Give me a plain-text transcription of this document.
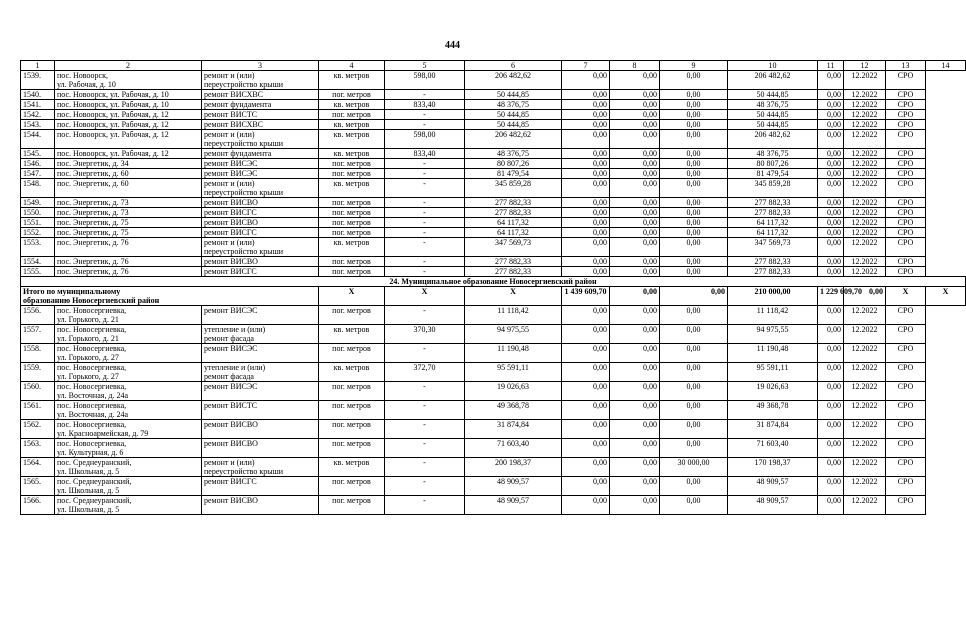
444
1	2	3	4	5	6	7	8	9	10	11	12	13	14
1539.	пос. Новоорск,
ул. Рабочая, д. 10	ремонт и (или)
переустройство крыши	кв. метров	598,00	206 482,62	0,00	0,00	0,00	206 482,62	0,00	12.2022	СРО	
1540.	пос. Новоорск, ул. Рабочая, д. 10	ремонт ВИСХВС	пог. метров	-	50 444,85	0,00	0,00	0,00	50 444,85	0,00	12.2022	СРО	
1541.	пос. Новоорск, ул. Рабочая, д. 10	ремонт фундамента	кв. метров	833,40	48 376,75	0,00	0,00	0,00	48 376,75	0,00	12.2022	СРО	
1542.	пос. Новоорск, ул. Рабочая, д. 12	ремонт ВИСТС	пог. метров	-	50 444,85	0,00	0,00	0,00	50 444,85	0,00	12.2022	СРО	
1543.	пос. Новоорск, ул. Рабочая, д. 12	ремонт ВИСХВС	кв. метров	-	50 444,85	0,00	0,00	0,00	50 444,85	0,00	12.2022	СРО	
1544.	пос. Новоорск, ул. Рабочая, д. 12	ремонт и (или)
переустройство крыши	кв. метров	598,00	206 482,62	0,00	0,00	0,00	206 482,62	0,00	12.2022	СРО	
1545.	пос. Новоорск, ул. Рабочая, д. 12	ремонт фундамента	кв. метров	833,40	48 376,75	0,00	0,00	0,00	48 376,75	0,00	12.2022	СРО	
1546.	пос. Энергетик, д. 34	ремонт ВИСЭС	пог. метров	-	80 807,26	0,00	0,00	0,00	80 807,26	0,00	12.2022	СРО	
1547.	пос. Энергетик, д. 60	ремонт ВИСЭС	пог. метров	-	81 479,54	0,00	0,00	0,00	81 479,54	0,00	12.2022	СРО	
1548.	пос. Энергетик, д. 60	ремонт и (или)
переустройство крыши	кв. метров	-	345 859,28	0,00	0,00	0,00	345 859,28	0,00	12.2022	СРО	
1549.	пос. Энергетик, д. 73	ремонт ВИСВО	пог. метров	-	277 882,33	0,00	0,00	0,00	277 882,33	0,00	12.2022	СРО	
1550.	пос. Энергетик, д. 73	ремонт ВИСГС	пог. метров	-	277 882,33	0,00	0,00	0,00	277 882,33	0,00	12.2022	СРО	
1551.	пос. Энергетик, д. 75	ремонт ВИСВО	пог. метров	-	64 117,32	0,00	0,00	0,00	64 117,32	0,00	12.2022	СРО	
1552.	пос. Энергетик, д. 75	ремонт ВИСГС	пог. метров	-	64 117,32	0,00	0,00	0,00	64 117,32	0,00	12.2022	СРО	
1553.	пос. Энергетик, д. 76	ремонт и (или)
переустройство крыши	кв. метров	-	347 569,73	0,00	0,00	0,00	347 569,73	0,00	12.2022	СРО	
1554.	пос. Энергетик, д. 76	ремонт ВИСВО	пог. метров	-	277 882,33	0,00	0,00	0,00	277 882,33	0,00	12.2022	СРО	
1555.	пос. Энергетик, д. 76	ремонт ВИСГС	пог. метров	-	277 882,33	0,00	0,00	0,00	277 882,33	0,00	12.2022	СРО	
24. Муниципальное образование Новосергиевский район													

Итого по муниципальному
образованию Новосергиевский район			X	X	X	1 439 609,70	0,00	0,00	210 000,00	1 229 609,70	0,00	X	X
1556.	пос. Новосергиевка,
ул. Горького, д. 21	ремонт ВИСЭС	пог. метров	-	11 118,42	0,00	0,00	0,00	11 118,42	0,00	12.2022	СРО	
1557.	пос. Новосергиевка,
ул. Горького, д. 21	утепление и (или)
ремонт фасада	кв. метров	370,30	94 975,55	0,00	0,00	0,00	94 975,55	0,00	12.2022	СРО	
1558.	пос. Новосергиевка,
ул. Горького, д. 27	ремонт ВИСЭС	пог. метров	-	11 190,48	0,00	0,00	0,00	11 190,48	0,00	12.2022	СРО	
1559.	пос. Новосергиевка,
ул. Горького, д. 27	утепление и (или)
ремонт фасада	кв. метров	372,70	95 591,11	0,00	0,00	0,00	95 591,11	0,00	12.2022	СРО	
1560.	пос. Новосергиевка,
ул. Восточная, д. 24а	ремонт ВИСЭС	пог. метров	-	19 026,63	0,00	0,00	0,00	19 026,63	0,00	12.2022	СРО	
1561.	пос. Новосергиевка,
ул. Восточная, д. 24а	ремонт ВИСТС	пог. метров	-	49 368,78	0,00	0,00	0,00	49 368,78	0,00	12.2022	СРО	
1562.	пос. Новосергиевка,
ул. Красноармейская, д. 79	ремонт ВИСВО	пог. метров	-	31 874,84	0,00	0,00	0,00	31 874,84	0,00	12.2022	СРО	
1563.	пос. Новосергиевка,
ул. Культурная, д. 6	ремонт ВИСВО	пог. метров	-	71 603,40	0,00	0,00	0,00	71 603,40	0,00	12.2022	СРО	
1564.	пос. Среднеуранский,
ул. Школьная, д. 5	ремонт и (или)
переустройство крыши	кв. метров	-	200 198,37	0,00	0,00	30 000,00	170 198,37	0,00	12.2022	СРО	
1565.	пос. Среднеуранский,
ул. Школьная, д. 5	ремонт ВИСГС	пог. метров	-	48 909,57	0,00	0,00	0,00	48 909,57	0,00	12.2022	СРО	
1566.	пос. Среднеуранский,
ул. Школьная, д. 5	ремонт ВИСВО	пог. метров	-	48 909,57	0,00	0,00	0,00	48 909,57	0,00	12.2022	СРО	
